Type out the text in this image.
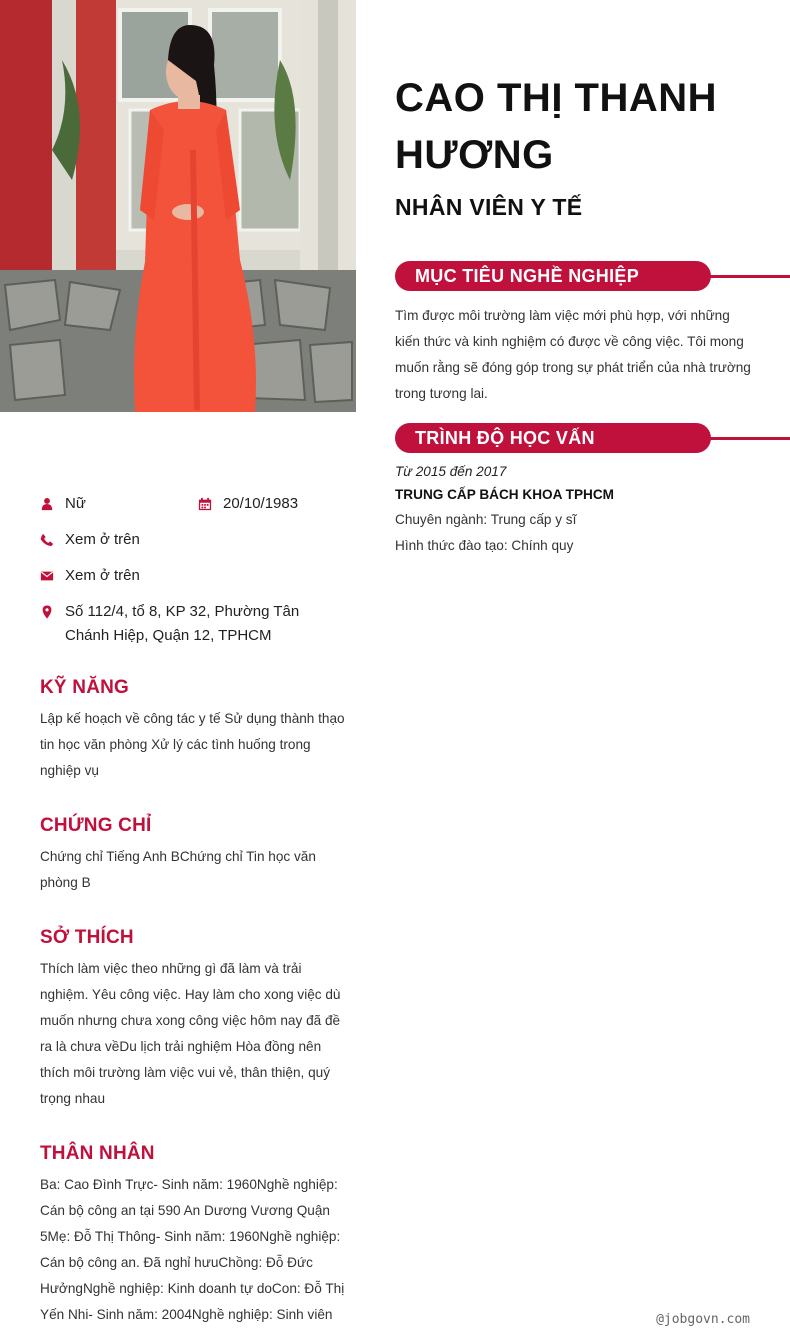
Nữ	20/10/1983
Xem ở trên
Xem ở trên
Số 112/4, tổ 8, KP 32, Phường Tân Chánh Hiệp, Quận 12, TPHCM
KỸ NĂNG
Lập kế hoạch về công tác y tế Sử dụng thành thạo tin học văn phòng Xử lý các tình huống trong nghiệp vụ
CHỨNG CHỈ
Chứng chỉ Tiếng Anh BChứng chỉ Tin học văn phòng B
SỞ THÍCH
Thích làm việc theo những gì đã làm và trải nghiệm. Yêu công việc. Hay làm cho xong việc dù muốn nhưng chưa xong công việc hôm nay đã đề ra là chưa vềDu lịch trải nghiệm Hòa đồng nên thích môi trường làm việc vui vẻ, thân thiện, quý trọng nhau
THÂN NHÂN
Ba: Cao Đình Trực- Sinh năm: 1960Nghề nghiệp: Cán bộ công an tại 590 An Dương Vương Quận 5Mẹ: Đỗ Thị Thông- Sinh năm: 1960Nghề nghiệp: Cán bộ công an. Đã nghỉ hưuChồng: Đỗ Đức HưởngNghề nghiệp: Kinh doanh tự doCon: Đỗ Thị Yến Nhi- Sinh năm: 2004Nghề nghiệp: Sinh viên
CAO THỊ THANH HƯƠNG
NHÂN VIÊN Y TẾ
MỤC TIÊU NGHỀ NGHIỆP
Tìm được môi trường làm việc mới phù hợp, với những kiến thức và kinh nghiệm có được về công việc. Tôi mong muốn rằng sẽ đóng góp trong sự phát triển của nhà trường trong tương lai.
TRÌNH ĐỘ HỌC VẤN
Từ 2015 đến 2017
TRUNG CẤP BÁCH KHOA TPHCM
Chuyên ngành: Trung cấp y sĩ
Hình thức đào tạo: Chính quy
@jobgovn.com
